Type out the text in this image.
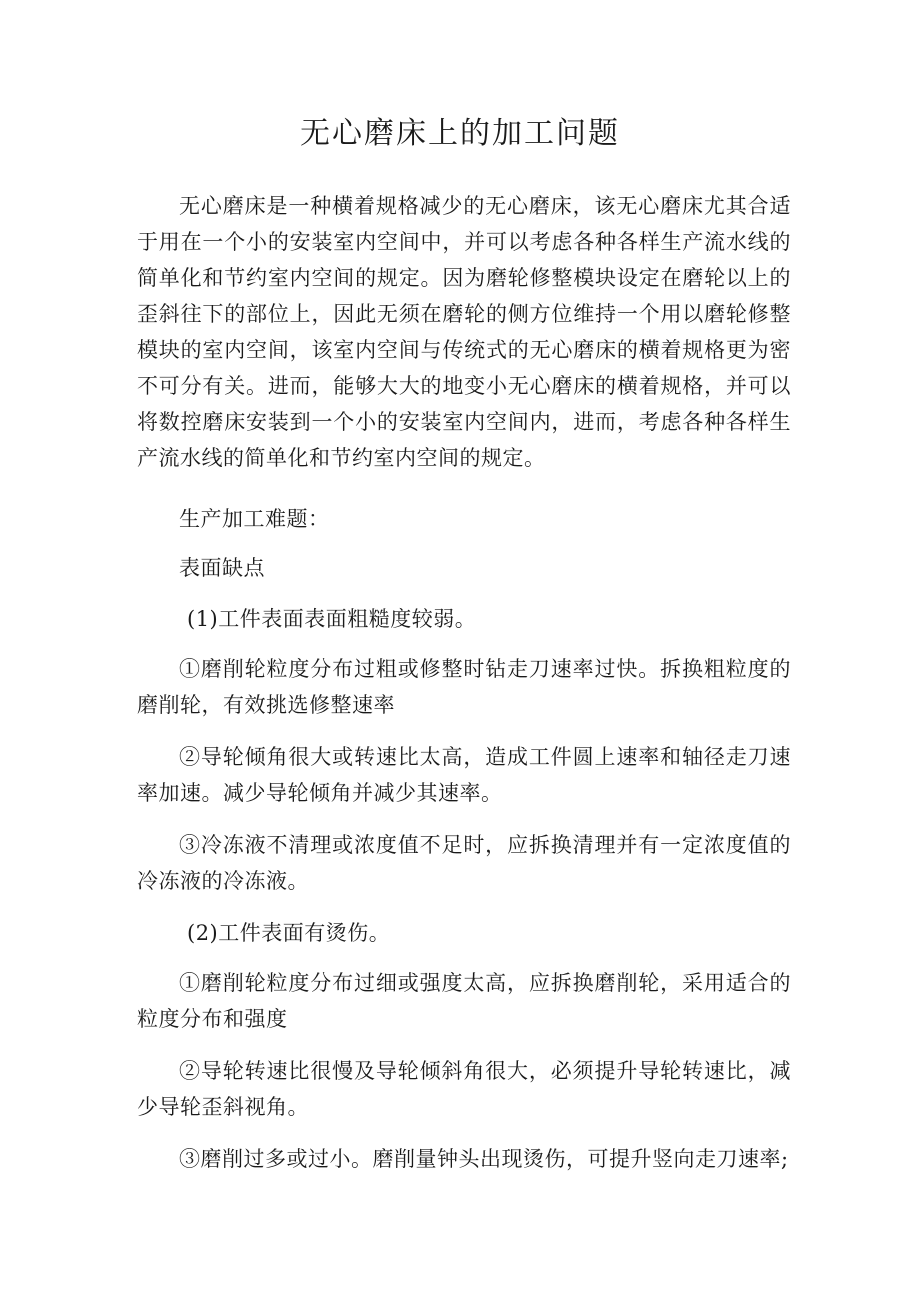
无心磨床上的加工问题

无心磨床是一种横着规格减少的无心磨床，该无心磨床尤其合适于用在一个小的安装室内空间中，并可以考虑各种各样生产流水线的简单化和节约室内空间的规定。因为磨轮修整模块设定在磨轮以上的歪斜往下的部位上，因此无须在磨轮的侧方位维持一个用以磨轮修整模块的室内空间，该室内空间与传统式的无心磨床的横着规格更为密不可分有关。进而，能够大大的地变小无心磨床的横着规格，并可以将数控磨床安装到一个小的安装室内空间内，进而，考虑各种各样生产流水线的简单化和节约室内空间的规定。

生产加工难题：

表面缺点

(1)工件表面表面粗糙度较弱。

①磨削轮粒度分布过粗或修整时钻走刀速率过快。拆换粗粒度的磨削轮，有效挑选修整速率

②导轮倾角很大或转速比太高，造成工件圆上速率和轴径走刀速率加速。减少导轮倾角并减少其速率。

③冷冻液不清理或浓度值不足时，应拆换清理并有一定浓度值的冷冻液的冷冻液。

(2)工件表面有烫伤。

①磨削轮粒度分布过细或强度太高，应拆换磨削轮，采用适合的粒度分布和强度

②导轮转速比很慢及导轮倾斜角很大，必须提升导轮转速比，减少导轮歪斜视角。

③磨削过多或过小。磨削量钟头出现烫伤，可提升竖向走刀速率;
